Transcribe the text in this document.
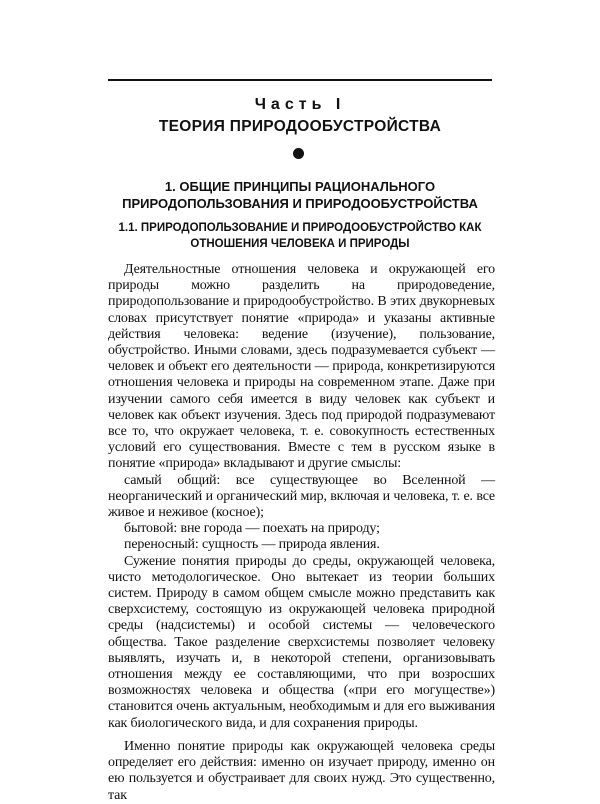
Часть I
ТЕОРИЯ ПРИРОДООБУСТРОЙСТВА
1. ОБЩИЕ ПРИНЦИПЫ РАЦИОНАЛЬНОГО ПРИРОДОПОЛЬЗОВАНИЯ И ПРИРОДООБУСТРОЙСТВА
1.1. ПРИРОДОПОЛЬЗОВАНИЕ И ПРИРОДООБУСТРОЙСТВО КАК ОТНОШЕНИЯ ЧЕЛОВЕКА И ПРИРОДЫ

Деятельностные отношения человека и окружающей его природы можно разделить на природоведение, природопользование и природообустройство. В этих двукорневых словах присутствует понятие «природа» и указаны активные действия человека: ведение (изучение), пользование, обустройство. Иными словами, здесь подразумевается субъект — человек и объект его деятельности — природа, конкретизируются отношения человека и природы на современном этапе. Даже при изучении самого себя имеется в виду человек как субъект и человек как объект изучения. Здесь под природой подразумевают все то, что окружает человека, т. е. совокупность естественных условий его существования. Вместе с тем в русском языке в понятие «природа» вкладывают и другие смыслы:

самый общий: все существующее во Вселенной — неорганический и органический мир, включая и человека, т. е. все живое и неживое (косное);

бытовой: вне города — поехать на природу;

переносный: сущность — природа явления.

Сужение понятия природы до среды, окружающей человека, чисто методологическое. Оно вытекает из теории больших систем. Природу в самом общем смысле можно представить как сверхсистему, состоящую из окружающей человека природной среды (надсистемы) и особой системы — человеческого общества. Такое разделение сверхсистемы позволяет человеку выявлять, изучать и, в некоторой степени, организовывать отношения между ее составляющими, что при возросших возможностях человека и общества («при его могуществе») становится очень актуальным, необходимым и для его выживания как биологического вида, и для сохранения природы.

Именно понятие природы как окружающей человека среды определяет его действия: именно он изучает природу, именно он ею пользуется и обустраивает для своих нужд. Это существенно, так
